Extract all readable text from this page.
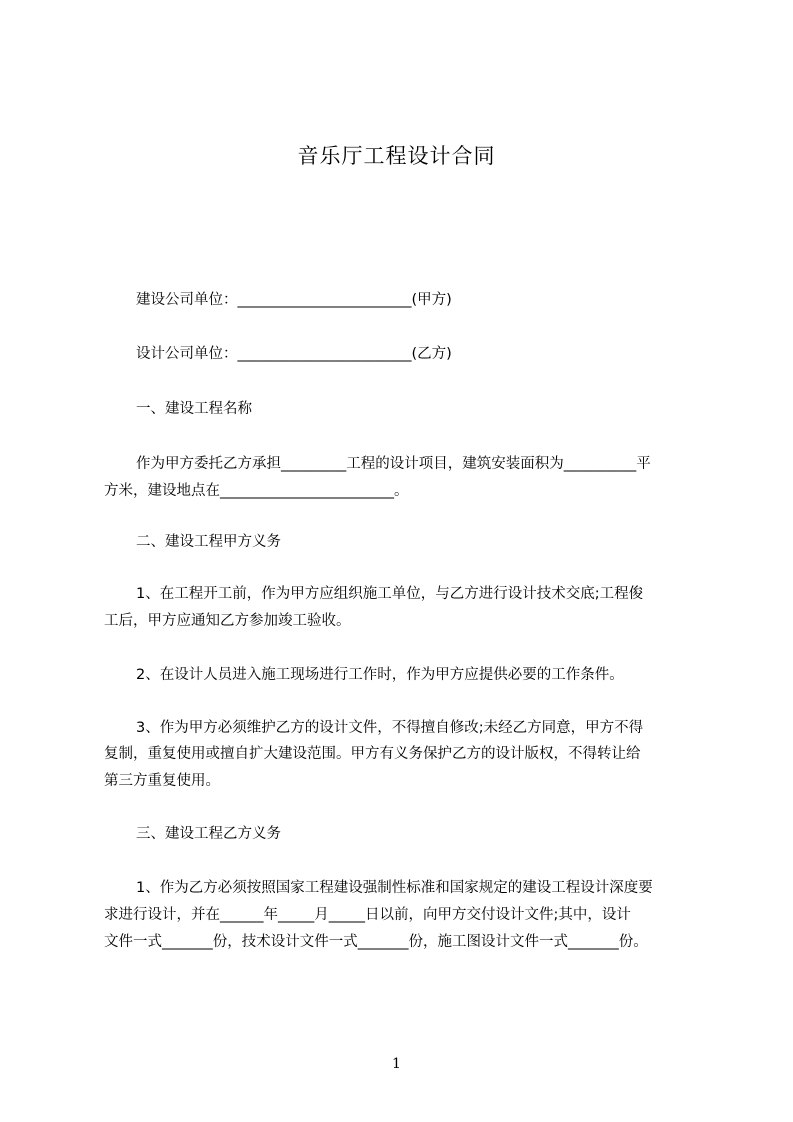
音乐厅工程设计合同
建设公司单位：________________________(甲方)
设计公司单位：________________________(乙方)
一、建设工程名称
作为甲方委托乙方承担_________工程的设计项目，建筑安装面积为__________平
方米，建设地点在________________________。
二、建设工程甲方义务
1、在工程开工前，作为甲方应组织施工单位，与乙方进行设计技术交底;工程俊
工后，甲方应通知乙方参加竣工验收。
2、在设计人员进入施工现场进行工作时，作为甲方应提供必要的工作条件。
3、作为甲方必须维护乙方的设计文件，不得擅自修改;未经乙方同意，甲方不得
复制，重复使用或擅自扩大建设范围。甲方有义务保护乙方的设计版权，不得转让给
第三方重复使用。
三、建设工程乙方义务
1、作为乙方必须按照国家工程建设强制性标准和国家规定的建设工程设计深度要
求进行设计，并在______年_____月_____日以前，向甲方交付设计文件;其中，设计
文件一式_______份，技术设计文件一式_______份，施工图设计文件一式_______份。
1
